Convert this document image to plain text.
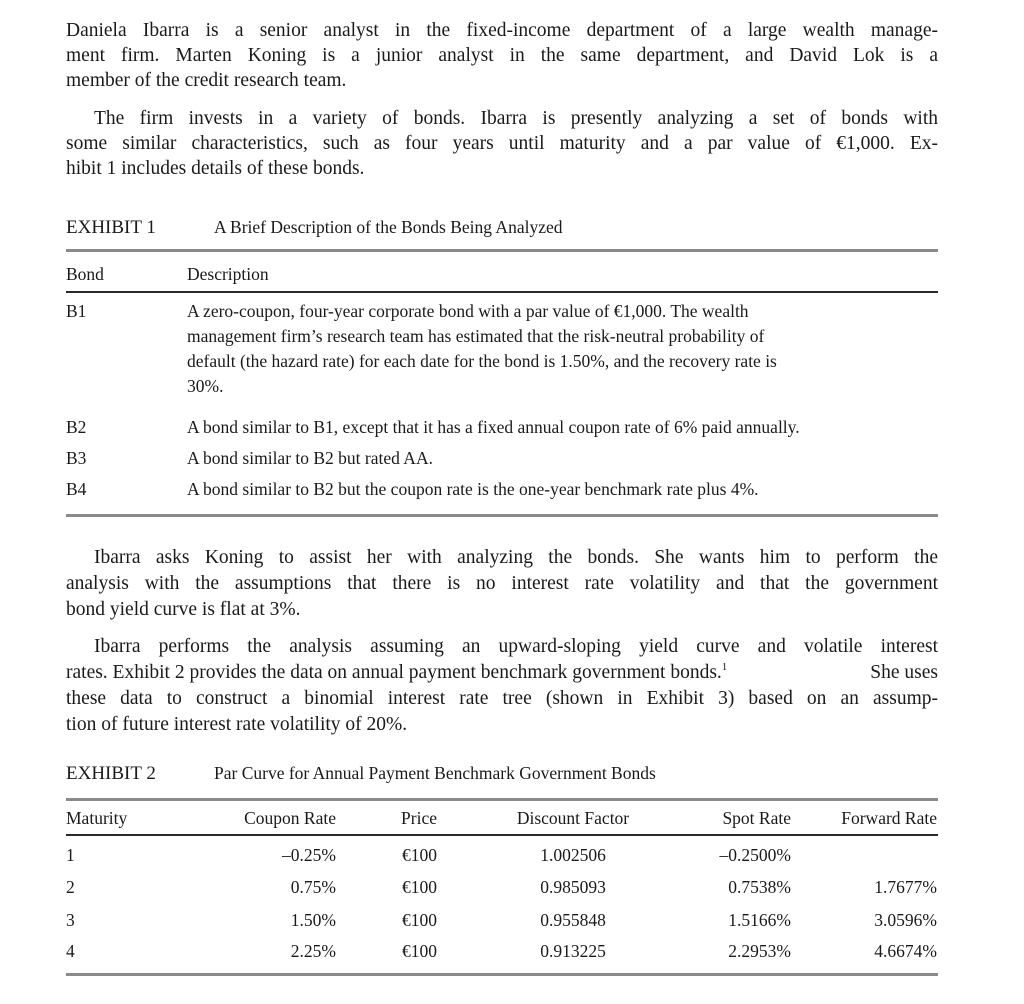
Daniela Ibarra is a senior analyst in the fixed-income department of a large wealth manage-
ment firm. Marten Koning is a junior analyst in the same department, and David Lok is a
member of the credit research team.
The firm invests in a variety of bonds. Ibarra is presently analyzing a set of bonds with
some similar characteristics, such as four years until maturity and a par value of €1,000. Ex-
hibit 1 includes details of these bonds.
EXHIBIT 1	A Brief Description of the Bonds Being Analyzed
Bond	Description
B1	A zero-coupon, four-year corporate bond with a par value of €1,000. The wealth
management firm’s research team has estimated that the risk-neutral probability of
default (the hazard rate) for each date for the bond is 1.50%, and the recovery rate is
30%.
B2	A bond similar to B1, except that it has a fixed annual coupon rate of 6% paid annually.
B3	A bond similar to B2 but rated AA.
B4	A bond similar to B2 but the coupon rate is the one-year benchmark rate plus 4%.
Ibarra asks Koning to assist her with analyzing the bonds. She wants him to perform the
analysis with the assumptions that there is no interest rate volatility and that the government
bond yield curve is flat at 3%.
Ibarra performs the analysis assuming an upward-sloping yield curve and volatile interest
rates. Exhibit 2 provides the data on annual payment benchmark government bonds.$^1$	She uses
these data to construct a binomial interest rate tree (shown in Exhibit 3) based on an assump-
tion of future interest rate volatility of 20%.
EXHIBIT 2	Par Curve for Annual Payment Benchmark Government Bonds
Maturity	Coupon Rate	Price	Discount Factor	Spot Rate	Forward Rate
1	–0.25%	€100	1.002506	–0.2500%
2	0.75%	€100	0.985093	0.7538%	1.7677%
3	1.50%	€100	0.955848	1.5166%	3.0596%
4	2.25%	€100	0.913225	2.2953%	4.6674%
